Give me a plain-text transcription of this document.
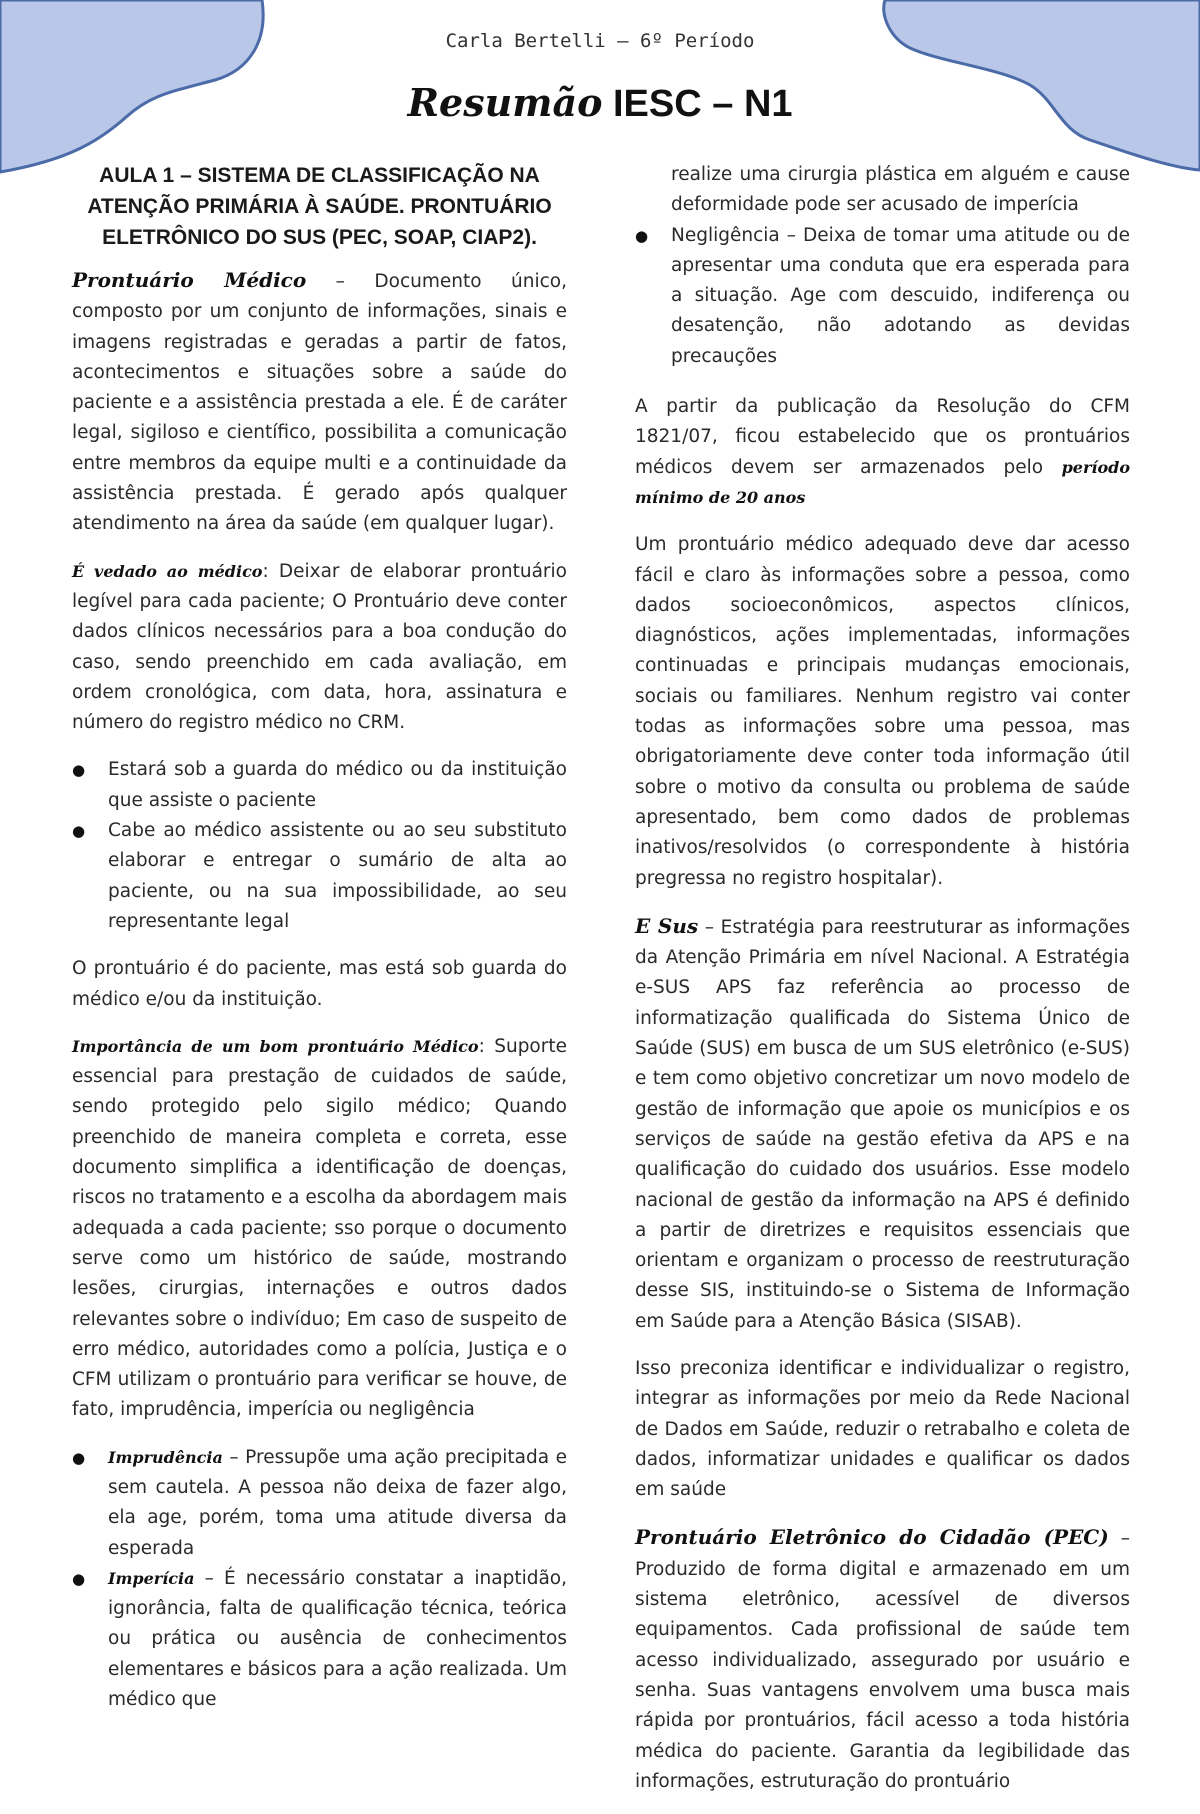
Carla Bertelli – 6º Período
Resumão IESC – N1
AULA 1 – SISTEMA DE CLASSIFICAÇÃO NA ATENÇÃO PRIMÁRIA À SAÚDE. PRONTUÁRIO ELETRÔNICO DO SUS (PEC, SOAP, CIAP2).

Prontuário Médico – Documento único, composto por um conjunto de informações, sinais e imagens registradas e geradas a partir de fatos, acontecimentos e situações sobre a saúde do paciente e a assistência prestada a ele. É de caráter legal, sigiloso e científico, possibilita a comunicação entre membros da equipe multi e a continuidade da assistência prestada. É gerado após qualquer atendimento na área da saúde (em qualquer lugar).

É vedado ao médico: Deixar de elaborar prontuário legível para cada paciente; O Prontuário deve conter dados clínicos necessários para a boa condução do caso, sendo preenchido em cada avaliação, em ordem cronológica, com data, hora, assinatura e número do registro médico no CRM.

● Estará sob a guarda do médico ou da instituição que assiste o paciente
● Cabe ao médico assistente ou ao seu substituto elaborar e entregar o sumário de alta ao paciente, ou na sua impossibilidade, ao seu representante legal

O prontuário é do paciente, mas está sob guarda do médico e/ou da instituição.

Importância de um bom prontuário Médico: Suporte essencial para prestação de cuidados de saúde, sendo protegido pelo sigilo médico; Quando preenchido de maneira completa e correta, esse documento simplifica a identificação de doenças, riscos no tratamento e a escolha da abordagem mais adequada a cada paciente; sso porque o documento serve como um histórico de saúde, mostrando lesões, cirurgias, internações e outros dados relevantes sobre o indivíduo; Em caso de suspeito de erro médico, autoridades como a polícia, Justiça e o CFM utilizam o prontuário para verificar se houve, de fato, imprudência, imperícia ou negligência

● Imprudência – Pressupõe uma ação precipitada e sem cautela. A pessoa não deixa de fazer algo, ela age, porém, toma uma atitude diversa da esperada
● Imperícia – É necessário constatar a inaptidão, ignorância, falta de qualificação técnica, teórica ou prática ou ausência de conhecimentos elementares e básicos para a ação realizada. Um médico que
realize uma cirurgia plástica em alguém e cause deformidade pode ser acusado de imperícia
● Negligência – Deixa de tomar uma atitude ou de apresentar uma conduta que era esperada para a situação. Age com descuido, indiferença ou desatenção, não adotando as devidas precauções

A partir da publicação da Resolução do CFM 1821/07, ficou estabelecido que os prontuários médicos devem ser armazenados pelo período mínimo de 20 anos

Um prontuário médico adequado deve dar acesso fácil e claro às informações sobre a pessoa, como dados socioeconômicos, aspectos clínicos, diagnósticos, ações implementadas, informações continuadas e principais mudanças emocionais, sociais ou familiares. Nenhum registro vai conter todas as informações sobre uma pessoa, mas obrigatoriamente deve conter toda informação útil sobre o motivo da consulta ou problema de saúde apresentado, bem como dados de problemas inativos/resolvidos (o correspondente à história pregressa no registro hospitalar).

E Sus – Estratégia para reestruturar as informações da Atenção Primária em nível Nacional. A Estratégia e-SUS APS faz referência ao processo de informatização qualificada do Sistema Único de Saúde (SUS) em busca de um SUS eletrônico (e-SUS) e tem como objetivo concretizar um novo modelo de gestão de informação que apoie os municípios e os serviços de saúde na gestão efetiva da APS e na qualificação do cuidado dos usuários. Esse modelo nacional de gestão da informação na APS é definido a partir de diretrizes e requisitos essenciais que orientam e organizam o processo de reestruturação desse SIS, instituindo-se o Sistema de Informação em Saúde para a Atenção Básica (SISAB).

Isso preconiza identificar e individualizar o registro, integrar as informações por meio da Rede Nacional de Dados em Saúde, reduzir o retrabalho e coleta de dados, informatizar unidades e qualificar os dados em saúde

Prontuário Eletrônico do Cidadão (PEC) – Produzido de forma digital e armazenado em um sistema eletrônico, acessível de diversos equipamentos. Cada profissional de saúde tem acesso individualizado, assegurado por usuário e senha. Suas vantagens envolvem uma busca mais rápida por prontuários, fácil acesso a toda história médica do paciente. Garantia da legibilidade das informações, estruturação do prontuário
